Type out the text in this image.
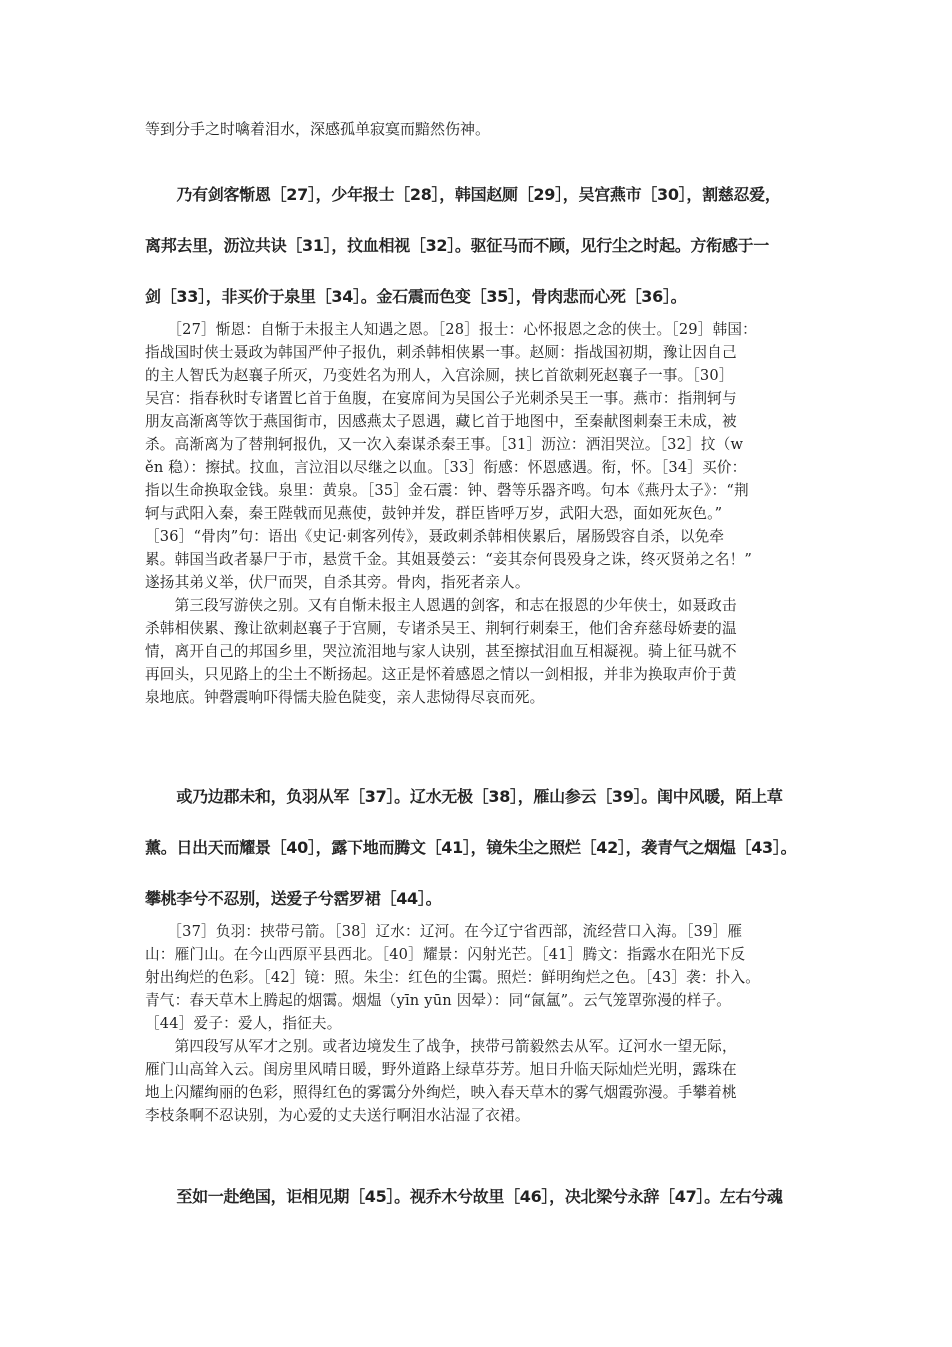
等到分手之时噙着泪水，深感孤单寂寞而黯然伤神。
　　乃有剑客惭恩［27］，少年报士［28］，韩国赵厕［29］，吴宫燕市［30］，割慈忍爱，
离邦去里，沥泣共诀［31］，抆血相视［32］。驱征马而不顾，见行尘之时起。方衔感于一
剑［33］，非买价于泉里［34］。金石震而色变［35］，骨肉悲而心死［36］。
　　［27］惭恩：自惭于未报主人知遇之恩。［28］报士：心怀报恩之念的侠士。［29］韩国：
指战国时侠士聂政为韩国严仲子报仇，刺杀韩相侠累一事。赵厕：指战国初期，豫让因自己
的主人智氏为赵襄子所灭，乃变姓名为刑人，入宫涂厕，挟匕首欲刺死赵襄子一事。［30］
吴宫：指春秋时专诸置匕首于鱼腹，在宴席间为吴国公子光刺杀吴王一事。燕市：指荆轲与
朋友高渐离等饮于燕国街市，因感燕太子恩遇，藏匕首于地图中，至秦献图刺秦王未成，被
杀。高渐离为了替荆轲报仇，又一次入秦谋杀秦王事。［31］沥泣：洒泪哭泣。［32］抆（w
ěn 稳）：擦拭。抆血，言泣泪以尽继之以血。［33］衔感：怀恩感遇。衔，怀。［34］买价：
指以生命换取金钱。泉里：黄泉。［35］金石震：钟、磬等乐器齐鸣。句本《燕丹太子》：“荆
轲与武阳入秦，秦王陛戟而见燕使，鼓钟并发，群臣皆呼万岁，武阳大恐，面如死灰色。”
［36］“骨肉”句：语出《史记·刺客列传》，聂政刺杀韩相侠累后，屠肠毁容自杀，以免牵
累。韩国当政者暴尸于市，悬赏千金。其姐聂嫈云：“妾其奈何畏殁身之诛，终灭贤弟之名！”
遂扬其弟义举，伏尸而哭，自杀其旁。骨肉，指死者亲人。
　　第三段写游侠之别。又有自惭未报主人恩遇的剑客，和志在报恩的少年侠士，如聂政击
杀韩相侠累、豫让欲刺赵襄子于宫厕，专诸杀吴王、荆轲行刺秦王，他们舍弃慈母娇妻的温
情，离开自己的邦国乡里，哭泣流泪地与家人诀别，甚至擦拭泪血互相凝视。骑上征马就不
再回头，只见路上的尘土不断扬起。这正是怀着感恩之情以一剑相报，并非为换取声价于黄
泉地底。钟磬震响吓得懦夫脸色陡变，亲人悲恸得尽哀而死。
　　或乃边郡未和，负羽从军［37］。辽水无极［38］，雁山参云［39］。闺中风暖，陌上草
薰。日出天而耀景［40］，露下地而腾文［41］，镜朱尘之照烂［42］，袭青气之烟煴［43］。
攀桃李兮不忍别，送爱子兮霑罗裙［44］。
　　［37］负羽：挟带弓箭。［38］辽水：辽河。在今辽宁省西部，流经营口入海。［39］雁
山：雁门山。在今山西原平县西北。［40］耀景：闪射光芒。［41］腾文：指露水在阳光下反
射出绚烂的色彩。［42］镜：照。朱尘：红色的尘霭。照烂：鲜明绚烂之色。［43］袭：扑入。
青气：春天草木上腾起的烟霭。烟煴（yīn yūn 因晕）：同“氤氲”。云气笼罩弥漫的样子。
［44］爱子：爱人，指征夫。
　　第四段写从军才之别。或者边境发生了战争，挟带弓箭毅然去从军。辽河水一望无际，
雁门山高耸入云。闺房里风晴日暖，野外道路上绿草芬芳。旭日升临天际灿烂光明，露珠在
地上闪耀绚丽的色彩，照得红色的雾霭分外绚烂，映入春天草木的雾气烟霞弥漫。手攀着桃
李枝条啊不忍诀别，为心爱的丈夫送行啊泪水沾湿了衣裙。
　　至如一赴绝国，讵相见期［45］。视乔木兮故里［46］，决北梁兮永辞［47］。左右兮魂
